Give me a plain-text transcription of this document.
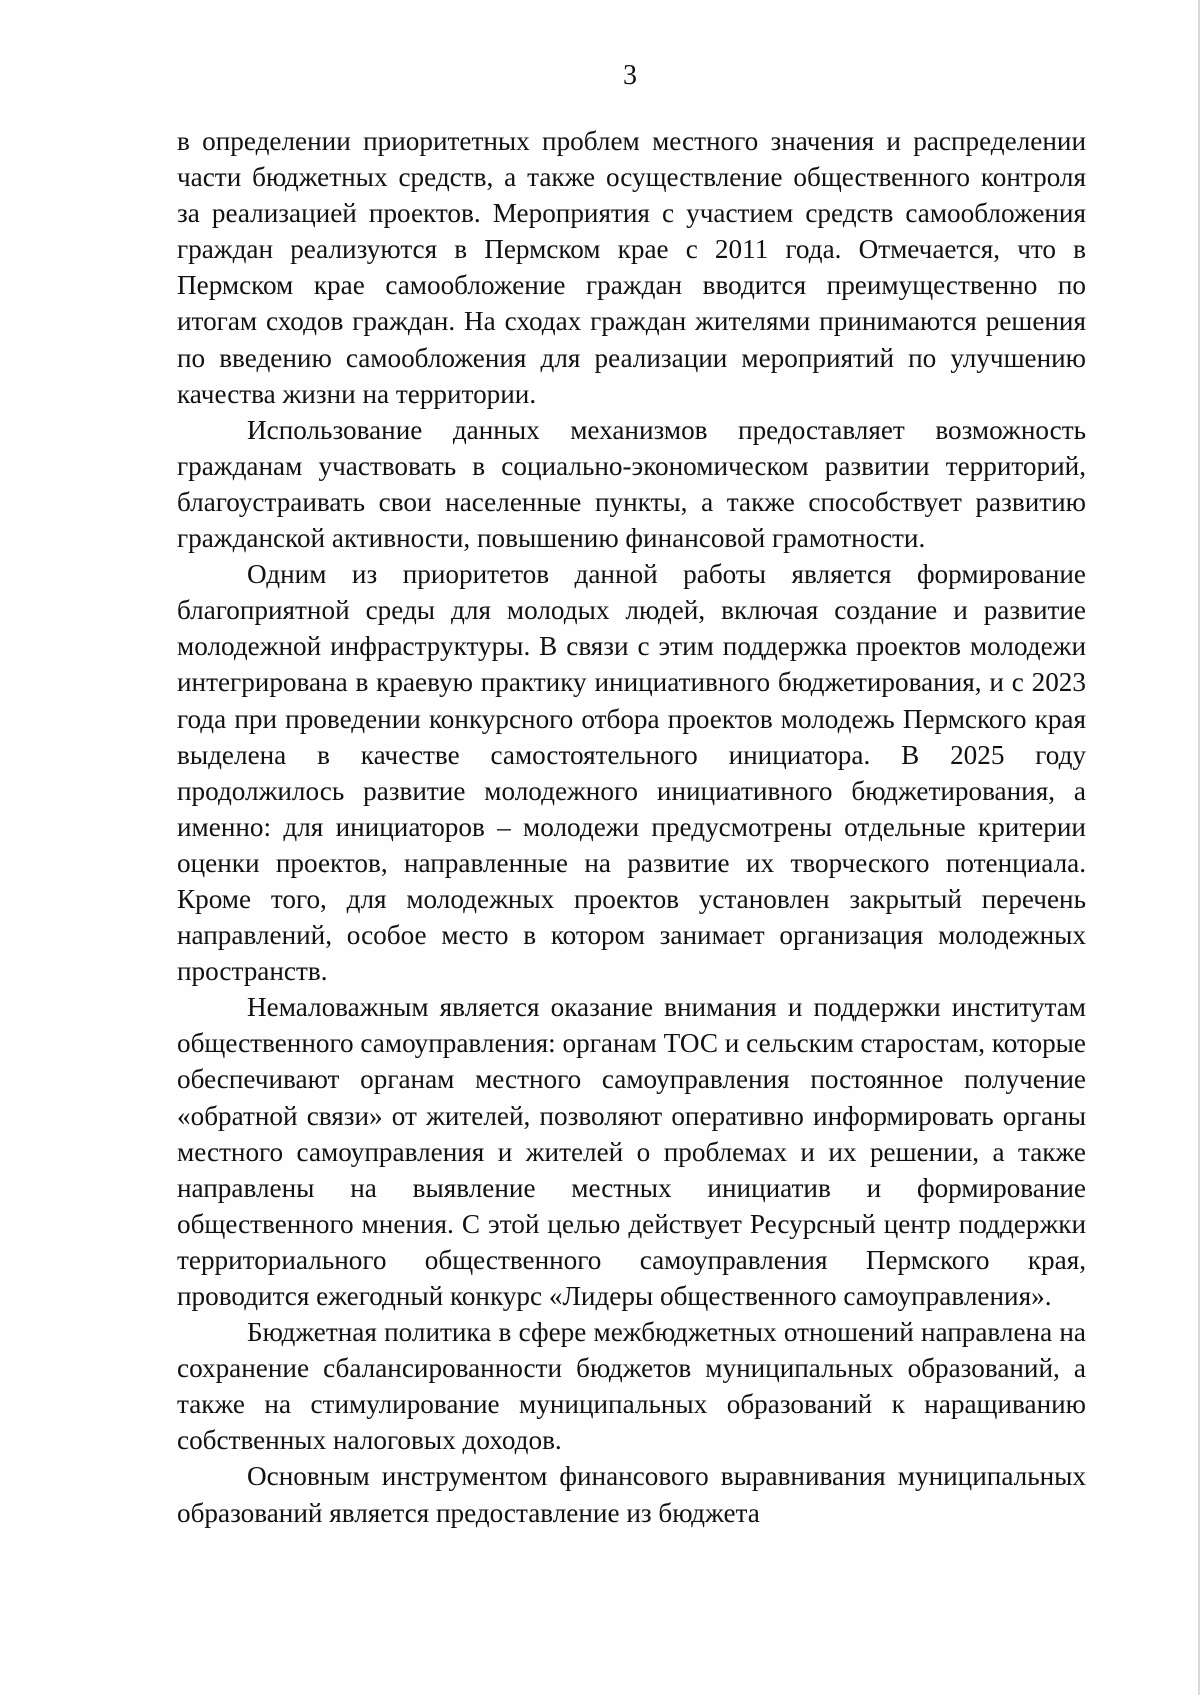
3

в определении приоритетных проблем местного значения и распределении части бюджетных средств, а также осуществление общественного контроля за реализацией проектов. Мероприятия с участием средств самообложения граждан реализуются в Пермском крае с 2011 года. Отмечается, что в Пермском крае самообложение граждан вводится преимущественно по итогам сходов граждан. На сходах граждан жителями принимаются решения по введению самообложения для реализации мероприятий по улучшению качества жизни на территории.

Использование данных механизмов предоставляет возможность гражданам участвовать в социально-экономическом развитии территорий, благоустраивать свои населенные пункты, а также способствует развитию гражданской активности, повышению финансовой грамотности.

Одним из приоритетов данной работы является формирование благоприятной среды для молодых людей, включая создание и развитие молодежной инфраструктуры. В связи с этим поддержка проектов молодежи интегрирована в краевую практику инициативного бюджетирования, и с 2023 года при проведении конкурсного отбора проектов молодежь Пермского края выделена в качестве самостоятельного инициатора. В 2025 году продолжилось развитие молодежного инициативного бюджетирования, а именно: для инициаторов – молодежи предусмотрены отдельные критерии оценки проектов, направленные на развитие их творческого потенциала. Кроме того, для молодежных проектов установлен закрытый перечень направлений, особое место в котором занимает организация молодежных пространств.

Немаловажным является оказание внимания и поддержки институтам общественного самоуправления: органам ТОС и сельским старостам, которые обеспечивают органам местного самоуправления постоянное получение «обратной связи» от жителей, позволяют оперативно информировать органы местного самоуправления и жителей о проблемах и их решении, а также направлены на выявление местных инициатив и формирование общественного мнения. С этой целью действует Ресурсный центр поддержки территориального общественного самоуправления Пермского края, проводится ежегодный конкурс «Лидеры общественного самоуправления».

Бюджетная политика в сфере межбюджетных отношений направлена на сохранение сбалансированности бюджетов муниципальных образований, а также на стимулирование муниципальных образований к наращиванию собственных налоговых доходов.

Основным инструментом финансового выравнивания муниципальных образований является предоставление из бюджета
